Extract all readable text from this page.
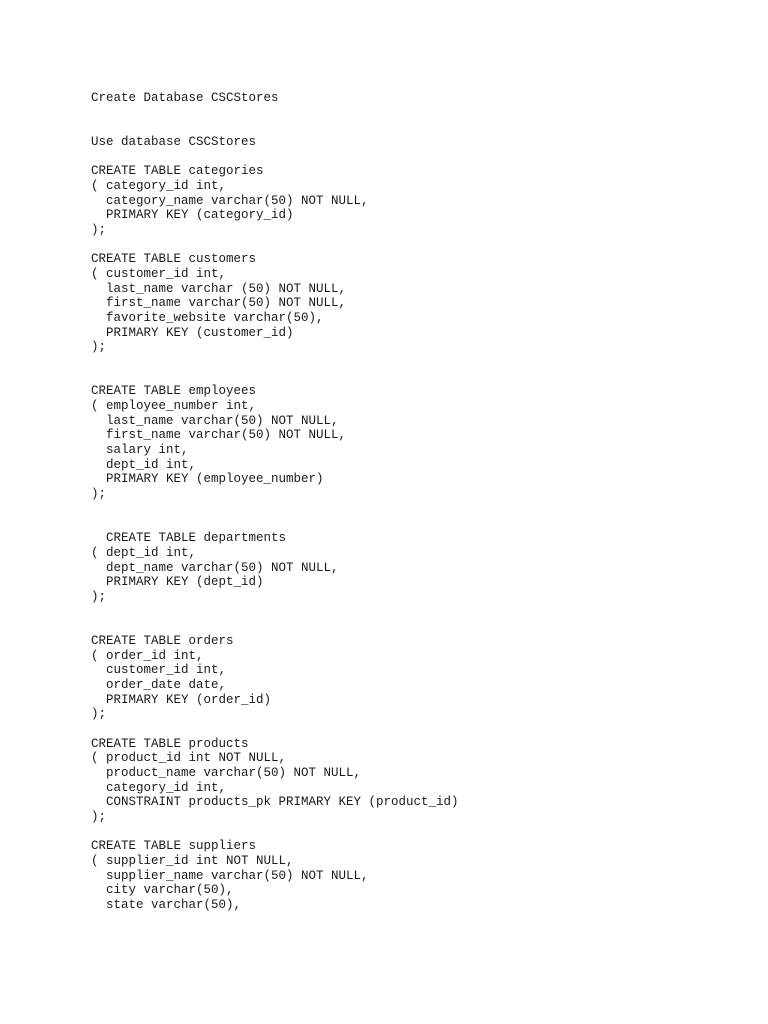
Create Database CSCStores
Use database CSCStores
CREATE TABLE categories
( category_id int,
category_name varchar(50) NOT NULL,
PRIMARY KEY (category_id)
);
CREATE TABLE customers
( customer_id int,
last_name varchar (50) NOT NULL,
first_name varchar(50) NOT NULL,
favorite_website varchar(50),
PRIMARY KEY (customer_id)
);
CREATE TABLE employees
( employee_number int,
last_name varchar(50) NOT NULL,
first_name varchar(50) NOT NULL,
salary int,
dept_id int,
PRIMARY KEY (employee_number)
);
CREATE TABLE departments
( dept_id int,
dept_name varchar(50) NOT NULL,
PRIMARY KEY (dept_id)
);
CREATE TABLE orders
( order_id int,
customer_id int,
order_date date,
PRIMARY KEY (order_id)
);
CREATE TABLE products
( product_id int NOT NULL,
product_name varchar(50) NOT NULL,
category_id int,
CONSTRAINT products_pk PRIMARY KEY (product_id)
);
CREATE TABLE suppliers
( supplier_id int NOT NULL,
supplier_name varchar(50) NOT NULL,
city varchar(50),
state varchar(50),
